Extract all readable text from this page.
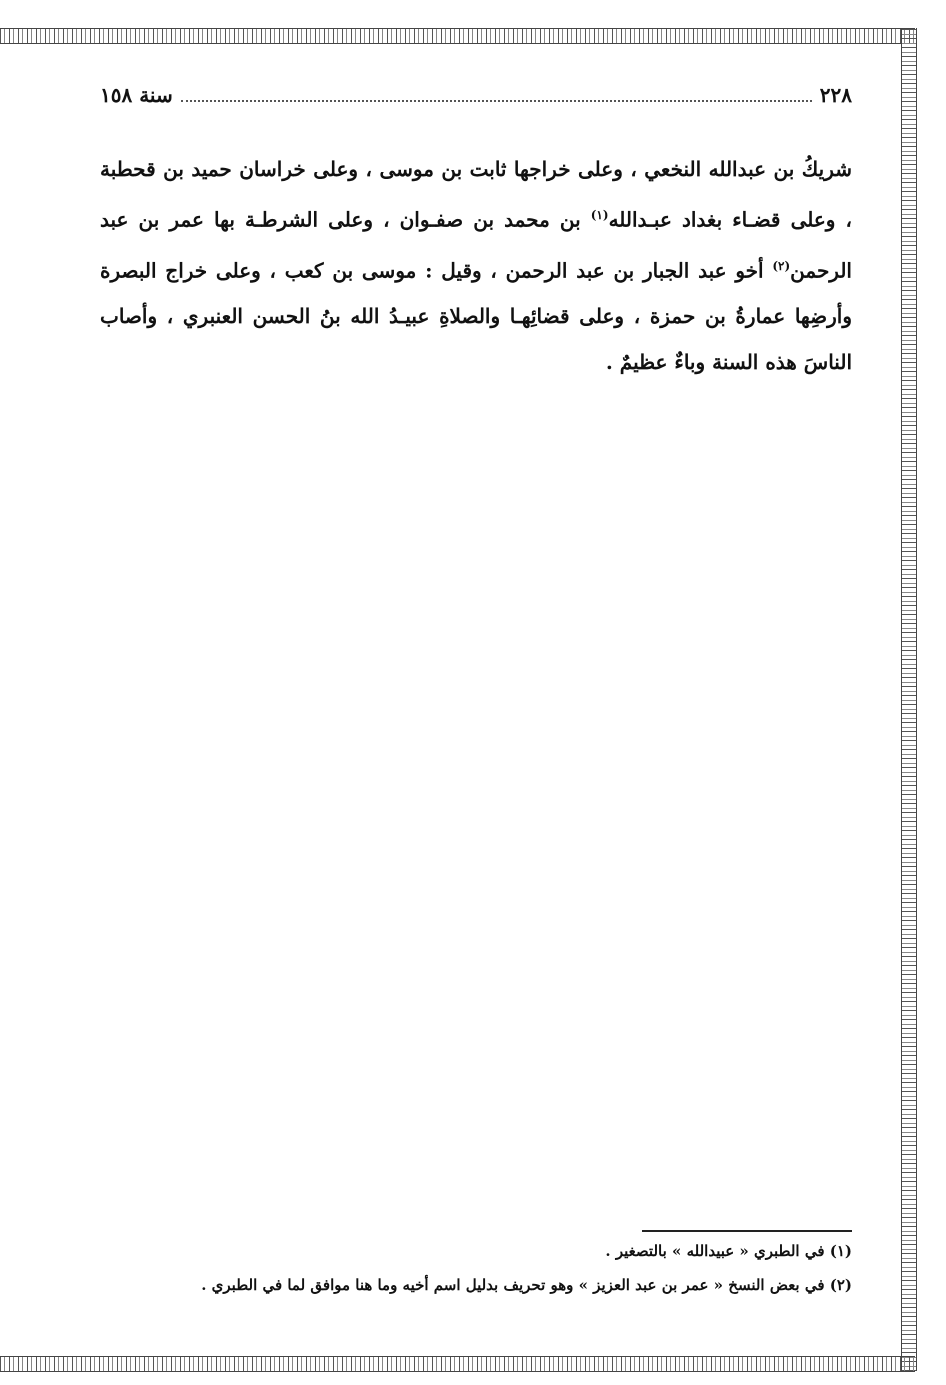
٢٢٨
سنة ١٥٨
شريكُ بن عبدالله النخعي ، وعلى خراجها ثابت بن موسى ، وعلى خراسان حميد بن قحطبة ، وعلى قضـاء بغداد عبـدالله$^{(١)}$ بن محمد بن صفـوان ، وعلى الشرطـة بها عمر بن عبد الرحمن$^{(٢)}$ أخو عبد الجبار بن عبد الرحمن ، وقيل : موسى بن كعب ، وعلى خراج البصرة وأرضِها عمارةُ بن حمزة ، وعلى قضائِهـا والصلاةِ عبيـدُ الله بنُ الحسن العنبري ، وأصاب الناسَ هذه السنة وباءٌ عظيمٌ .
(١) في الطبري « عبيدالله » بالتصغير .
(٢) في بعض النسخ « عمر بن عبد العزيز » وهو تحريف بدليل اسم أخيه وما هنا موافق لما في الطبري .
